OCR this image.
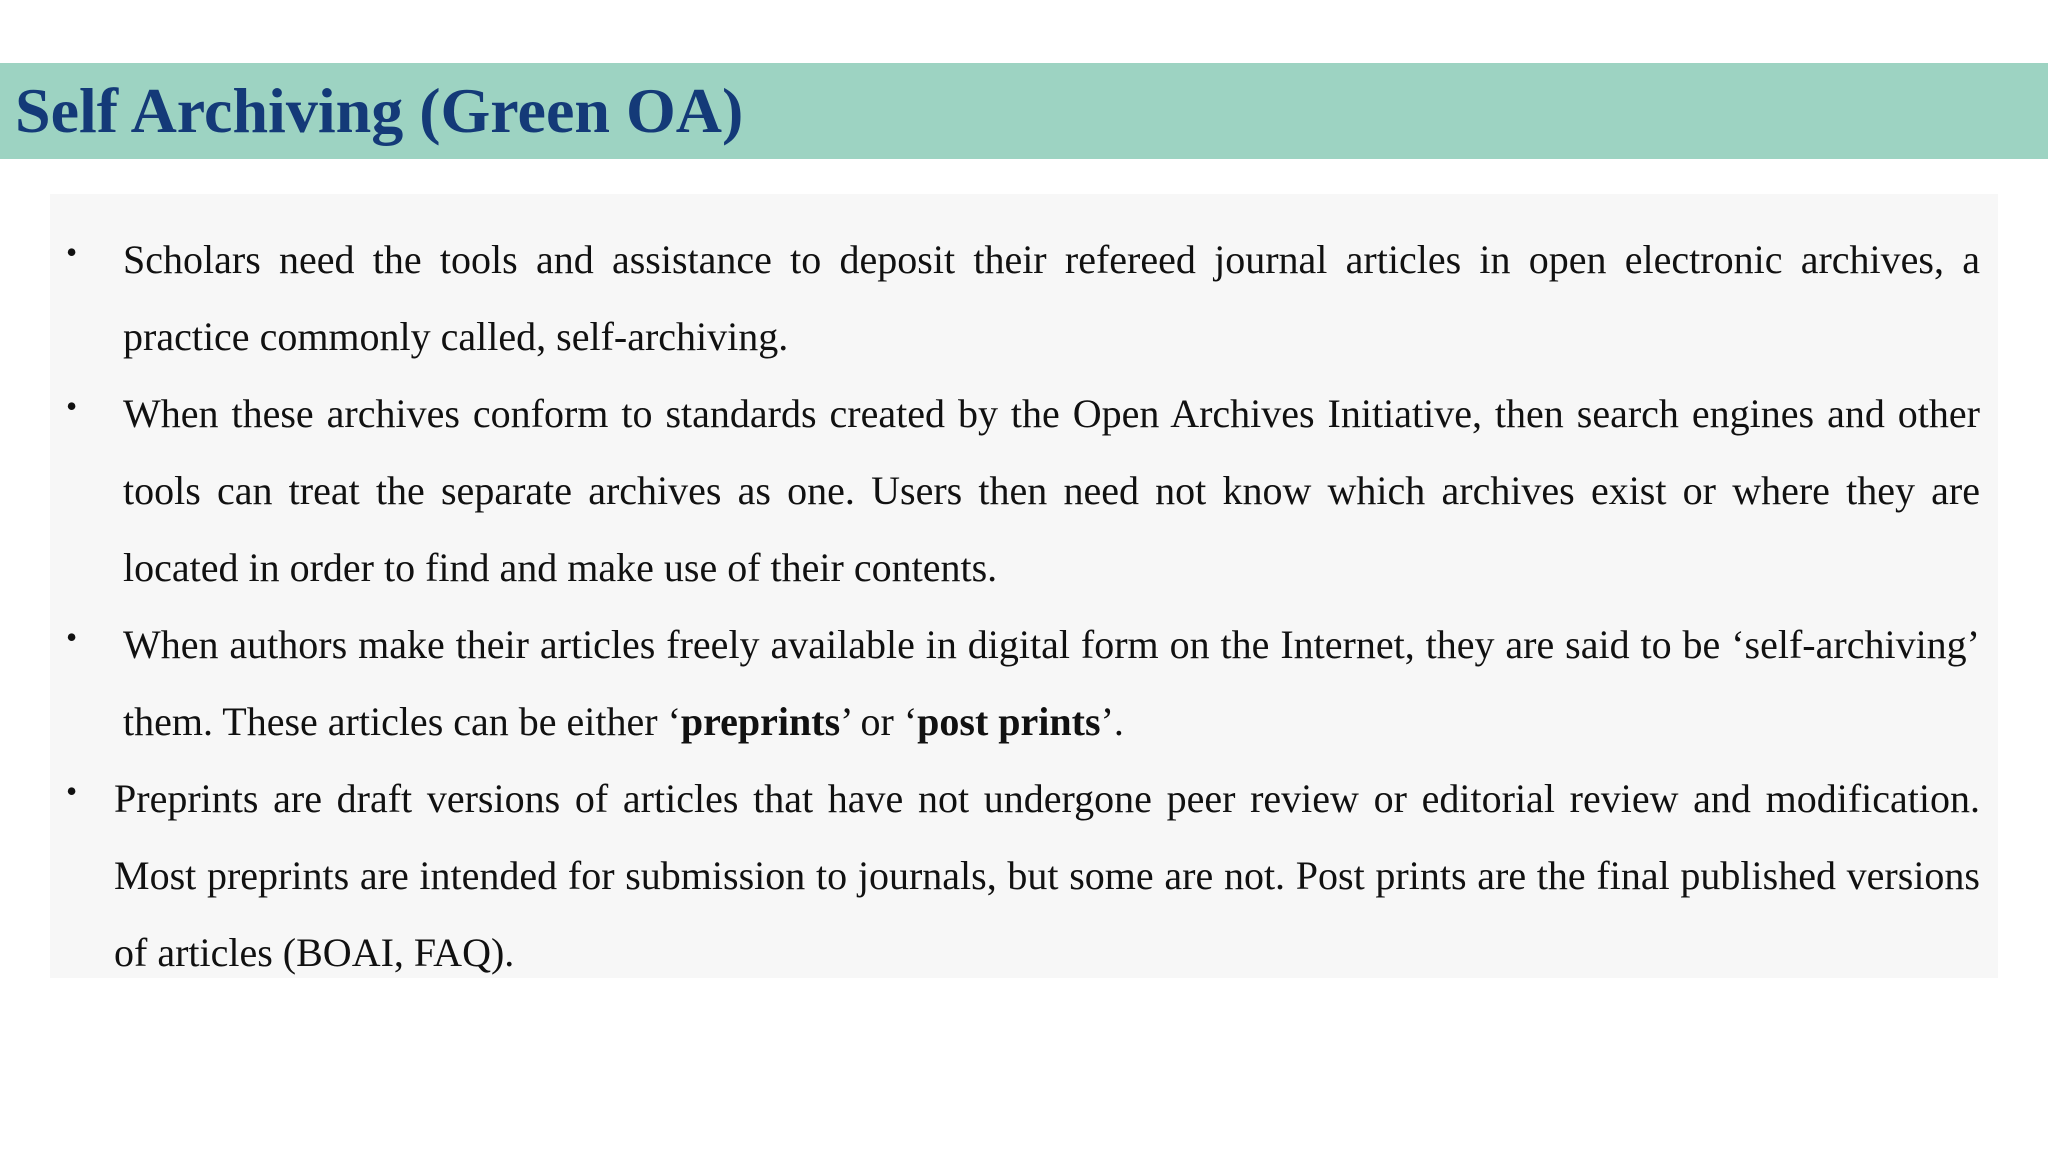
Self Archiving (Green OA)
• Scholars need the tools and assistance to deposit their refereed journal articles in open electronic archives, a practice commonly called, self-archiving.
• When these archives conform to standards created by the Open Archives Initiative, then search engines and other tools can treat the separate archives as one. Users then need not know which archives exist or where they are located in order to find and make use of their contents.
• When authors make their articles freely available in digital form on the Internet, they are said to be ‘self-archiving’ them. These articles can be either ‘preprints’ or ‘post prints’.
• Preprints are draft versions of articles that have not undergone peer review or editorial review and modification. Most preprints are intended for submission to journals, but some are not. Post prints are the final published versions of articles (BOAI, FAQ).
